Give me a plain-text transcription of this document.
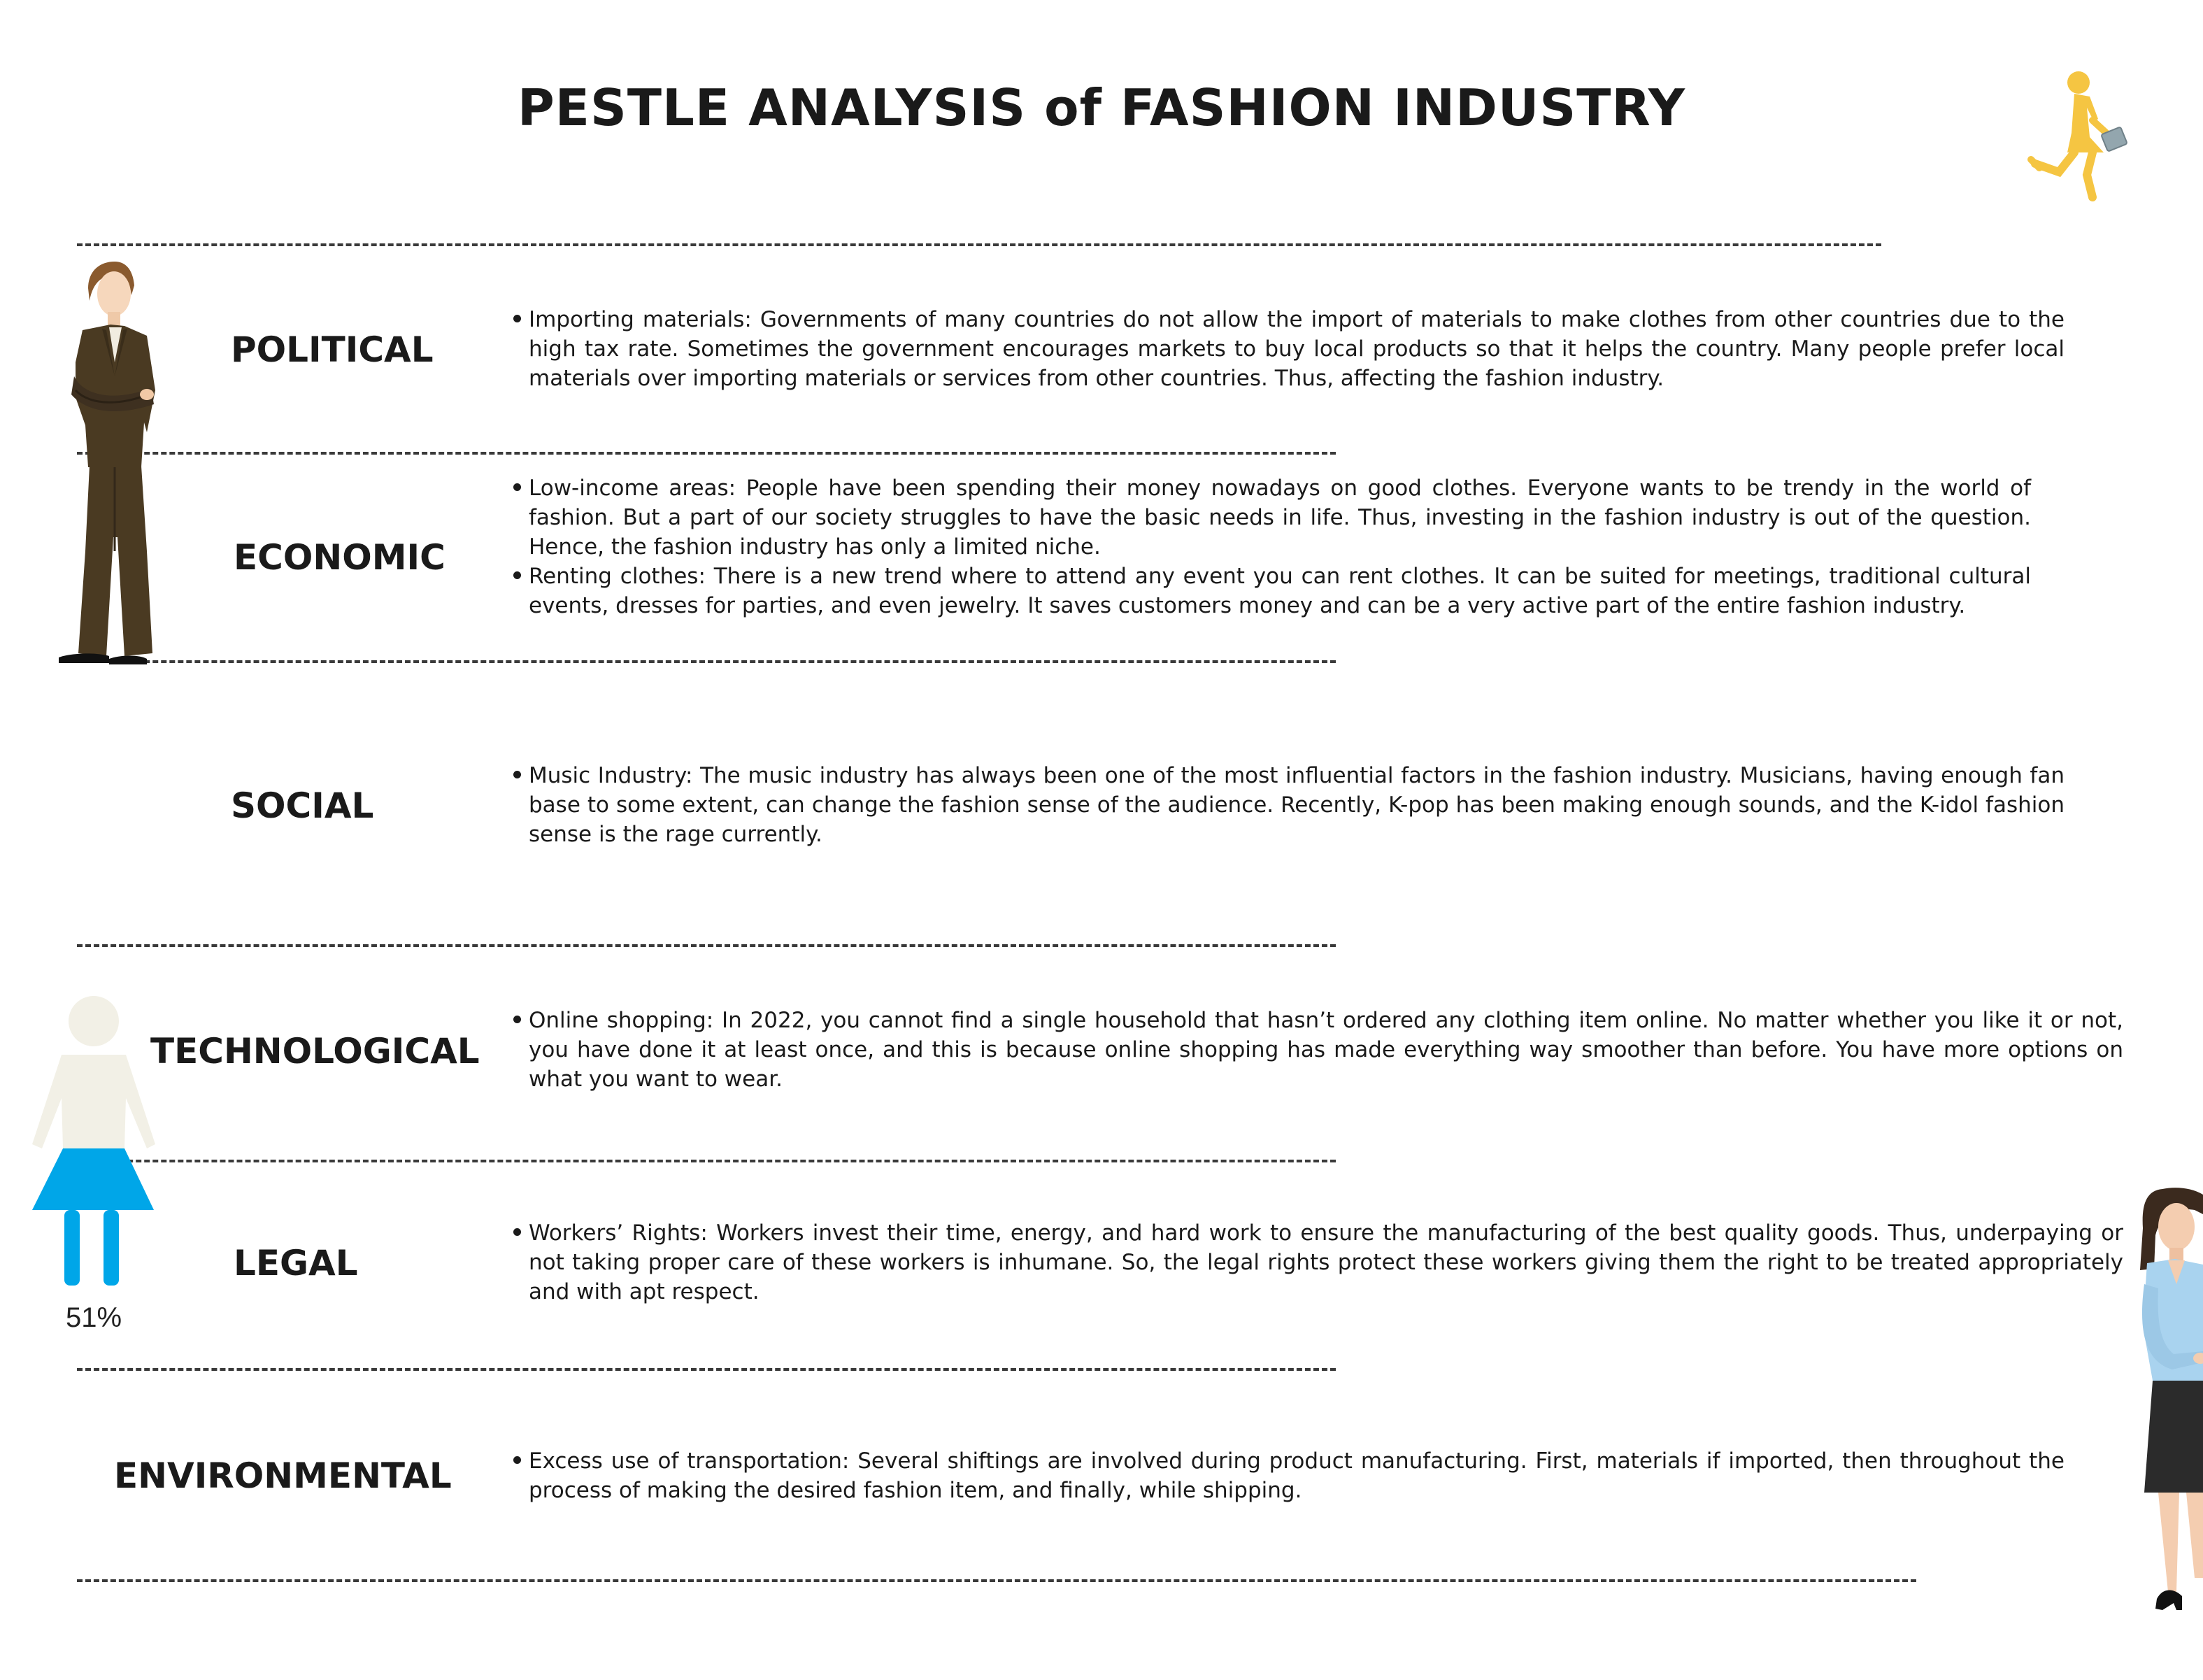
PESTLE ANALYSIS of FASHION INDUSTRY
POLITICAL
Importing materials: Governments of many countries do not allow the import of materials to make clothes from other countries due to the high tax rate. Sometimes the government encourages markets to buy local products so that it helps the country. Many people prefer local materials over importing materials or services from other countries. Thus, affecting the fashion industry.
ECONOMIC
Low-income areas: People have been spending their money nowadays on good clothes. Everyone wants to be trendy in the world of fashion. But a part of our society struggles to have the basic needs in life. Thus, investing in the fashion industry is out of the question. Hence, the fashion industry has only a limited niche.
Renting clothes: There is a new trend where to attend any event you can rent clothes. It can be suited for meetings, traditional cultural events, dresses for parties, and even jewelry. It saves customers money and can be a very active part of the entire fashion industry.
SOCIAL
Music Industry: The music industry has always been one of the most influential factors in the fashion industry. Musicians, having enough fan base to some extent, can change the fashion sense of the audience. Recently, K-pop has been making enough sounds, and the K-idol fashion sense is the rage currently.
TECHNOLOGICAL
Online shopping: In 2022, you cannot find a single household that hasn’t ordered any clothing item online. No matter whether you like it or not, you have done it at least once, and this is because online shopping has made everything way smoother than before. You have more options on what you want to wear.
LEGAL
Workers’ Rights: Workers invest their time, energy, and hard work to ensure the manufacturing of the best quality goods. Thus, underpaying or not taking proper care of these workers is inhumane. So, the legal rights protect these workers giving them the right to be treated appropriately and with apt respect.
ENVIRONMENTAL	Excess use of transportation: Several shiftings are involved during product manufacturing. First, materials if imported, then throughout the process of making the desired fashion item, and finally, while shipping.
51%
